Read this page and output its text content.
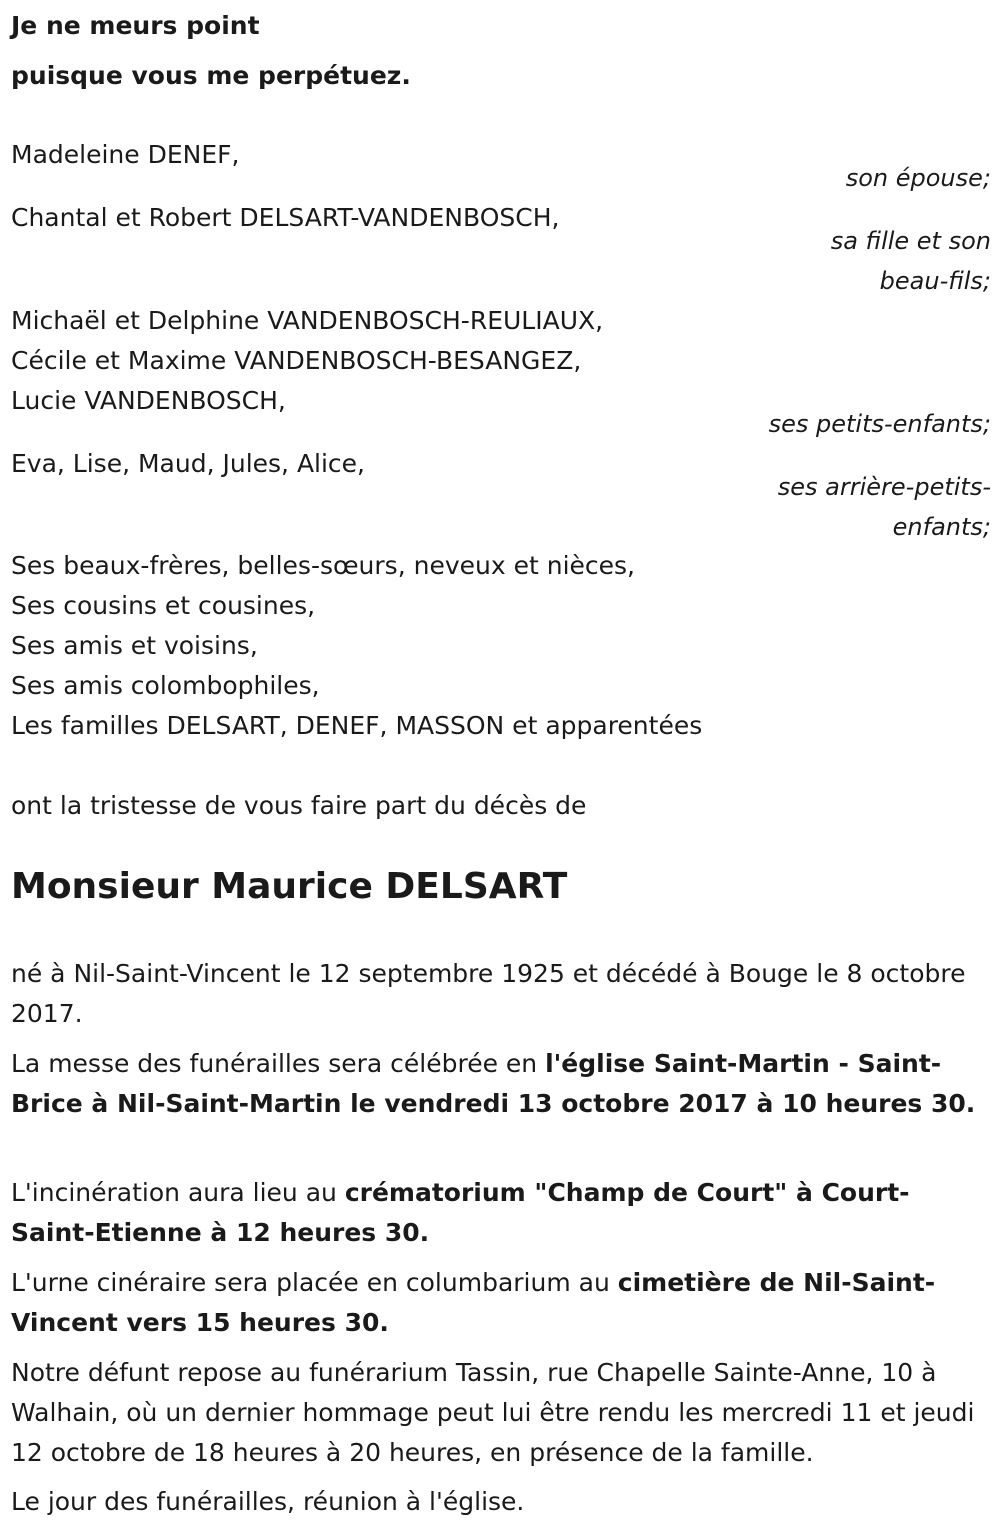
Je ne meurs point
puisque vous me perpétuez.
Madeleine DENEF,
son épouse;
Chantal et Robert DELSART-VANDENBOSCH,
sa fille et son
beau-fils;
Michaël et Delphine VANDENBOSCH-REULIAUX,
Cécile et Maxime VANDENBOSCH-BESANGEZ,
Lucie VANDENBOSCH,
ses petits-enfants;
Eva, Lise, Maud, Jules, Alice,
ses arrière-petits-
enfants;
Ses beaux-frères, belles-sœurs, neveux et nièces,
Ses cousins et cousines,
Ses amis et voisins,
Ses amis colombophiles,
Les familles DELSART, DENEF, MASSON et apparentées
ont la tristesse de vous faire part du décès de
Monsieur Maurice DELSART
né à Nil-Saint-Vincent le 12 septembre 1925 et décédé à Bouge le 8 octobre 2017.
La messe des funérailles sera célébrée en l'église Saint-Martin - Saint-Brice à Nil-Saint-Martin le vendredi 13 octobre 2017 à 10 heures 30.
L'incinération aura lieu au crématorium "Champ de Court" à Court-Saint-Etienne à 12 heures 30.
L'urne cinéraire sera placée en columbarium au cimetière de Nil-Saint-Vincent vers 15 heures 30.
Notre défunt repose au funérarium Tassin, rue Chapelle Sainte-Anne, 10 à Walhain, où un dernier hommage peut lui être rendu les mercredi 11 et jeudi 12 octobre de 18 heures à 20 heures, en présence de la famille.
Le jour des funérailles, réunion à l'église.
